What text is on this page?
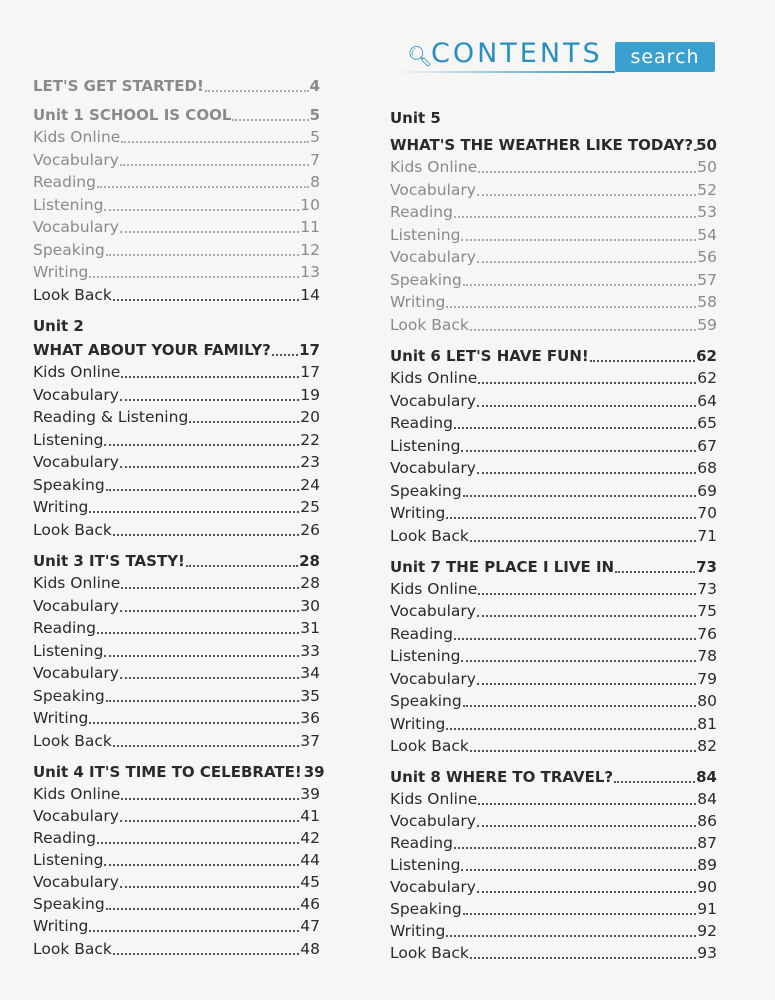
🔍︎
CONTENTS	search
LET'S GET STARTED!	4
Unit 1 SCHOOL IS COOL	5
Kids Online	5
Vocabulary	7
Reading	8
Listening	10
Vocabulary	11
Speaking	12
Writing	13
Look Back	14
Unit 2
WHAT ABOUT YOUR FAMILY? 17
Kids Online	17
Vocabulary	19
Reading & Listening	20
Listening	22
Vocabulary	23
Speaking	24
Writing	25
Look Back	26
Unit 3 IT'S TASTY!	28
Kids Online	28
Vocabulary	30
Reading	31
Listening	33
Vocabulary	34
Speaking	35
Writing	36
Look Back	37
Unit 4 IT'S TIME TO CELEBRATE! 39
Kids Online	39
Vocabulary	41
Reading	42
Listening	44
Vocabulary	45
Speaking	46
Writing	47
Look Back	48
Unit 5
WHAT'S THE WEATHER LIKE TODAY? 50
Kids Online	50
Vocabulary	52
Reading	53
Listening	54
Vocabulary	56
Speaking	57
Writing	58
Look Back	59
Unit 6 LET'S HAVE FUN!	62
Kids Online	62
Vocabulary	64
Reading	65
Listening	67
Vocabulary	68
Speaking	69
Writing	70
Look Back	71
Unit 7 THE PLACE I LIVE IN	73
Kids Online	73
Vocabulary	75
Reading	76
Listening	78
Vocabulary	79
Speaking	80
Writing	81
Look Back	82
Unit 8 WHERE TO TRAVEL?	84
Kids Online	84
Vocabulary	86
Reading	87
Listening	89
Vocabulary	90
Speaking	91
Writing	92
Look Back	93
